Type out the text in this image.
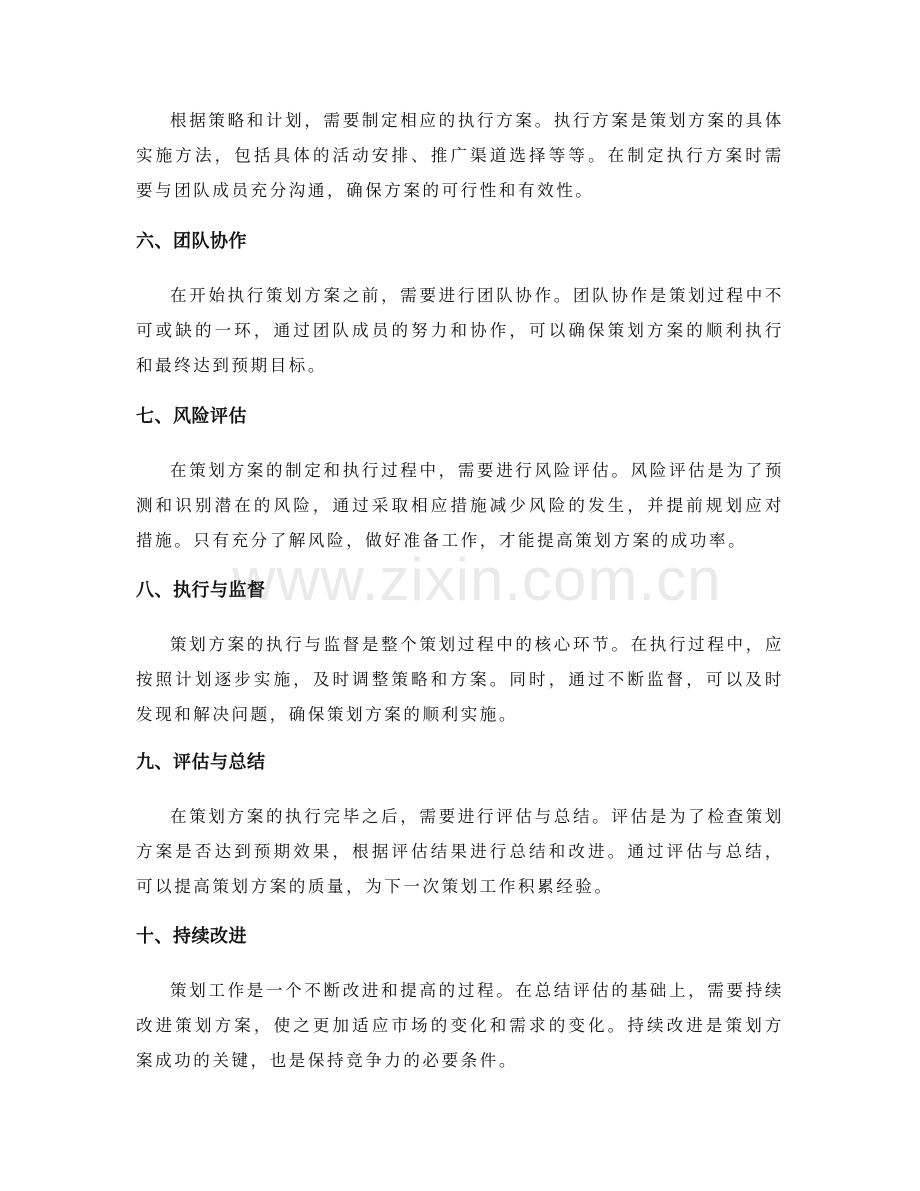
根据策略和计划，需要制定相应的执行方案。执行方案是策划方案的具体实施方法，包括具体的活动安排、推广渠道选择等等。在制定执行方案时需要与团队成员充分沟通，确保方案的可行性和有效性。

六、团队协作

在开始执行策划方案之前，需要进行团队协作。团队协作是策划过程中不可或缺的一环，通过团队成员的努力和协作，可以确保策划方案的顺利执行和最终达到预期目标。

七、风险评估

在策划方案的制定和执行过程中，需要进行风险评估。风险评估是为了预测和识别潜在的风险，通过采取相应措施减少风险的发生，并提前规划应对措施。只有充分了解风险，做好准备工作，才能提高策划方案的成功率。

八、执行与监督

策划方案的执行与监督是整个策划过程中的核心环节。在执行过程中，应按照计划逐步实施，及时调整策略和方案。同时，通过不断监督，可以及时发现和解决问题，确保策划方案的顺利实施。

九、评估与总结

在策划方案的执行完毕之后，需要进行评估与总结。评估是为了检查策划方案是否达到预期效果，根据评估结果进行总结和改进。通过评估与总结，可以提高策划方案的质量，为下一次策划工作积累经验。

十、持续改进

策划工作是一个不断改进和提高的过程。在总结评估的基础上，需要持续改进策划方案，使之更加适应市场的变化和需求的变化。持续改进是策划方案成功的关键，也是保持竞争力的必要条件。

www.zixin.com.cn
